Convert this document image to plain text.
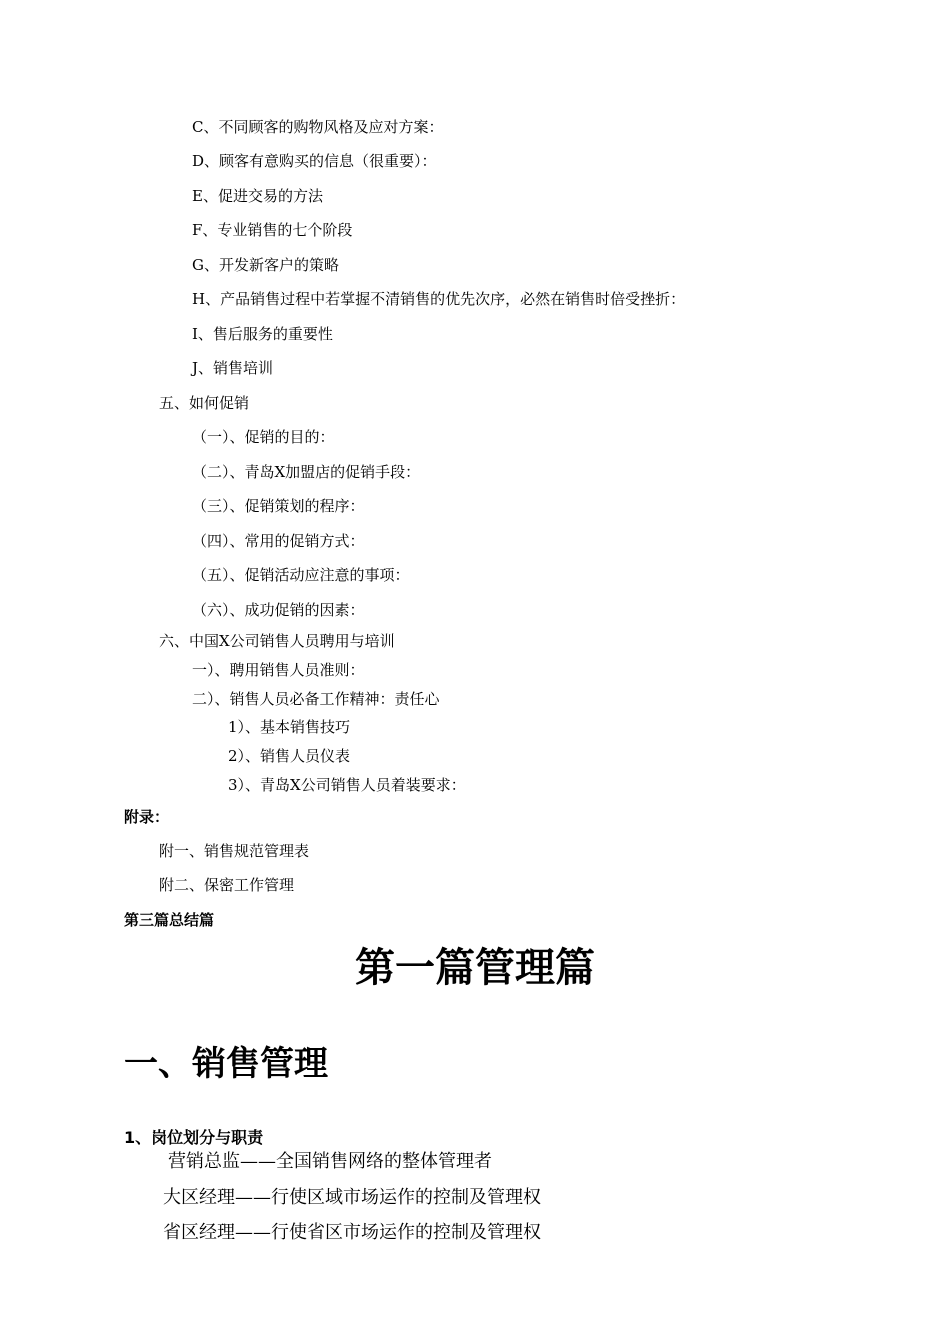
C、不同顾客的购物风格及应对方案：
D、顾客有意购买的信息（很重要）：
E、促进交易的方法
F、专业销售的七个阶段
G、开发新客户的策略
H、产品销售过程中若掌握不清销售的优先次序，必然在销售时倍受挫折：
I、售后服务的重要性
J、销售培训
五、如何促销
（一）、促销的目的：
（二）、青岛X加盟店的促销手段：
（三）、促销策划的程序：
（四）、常用的促销方式：
（五）、促销活动应注意的事项：
（六）、成功促销的因素：
六、中国X公司销售人员聘用与培训
一）、聘用销售人员准则：
二）、销售人员必备工作精神：责任心
1）、基本销售技巧
2）、销售人员仪表
3）、青岛X公司销售人员着装要求：
附录：
附一、销售规范管理表
附二、保密工作管理
第三篇总结篇
第一篇管理篇
一、销售管理
1、岗位划分与职责
营销总监——全国销售网络的整体管理者
大区经理——行使区域市场运作的控制及管理权
省区经理——行使省区市场运作的控制及管理权
